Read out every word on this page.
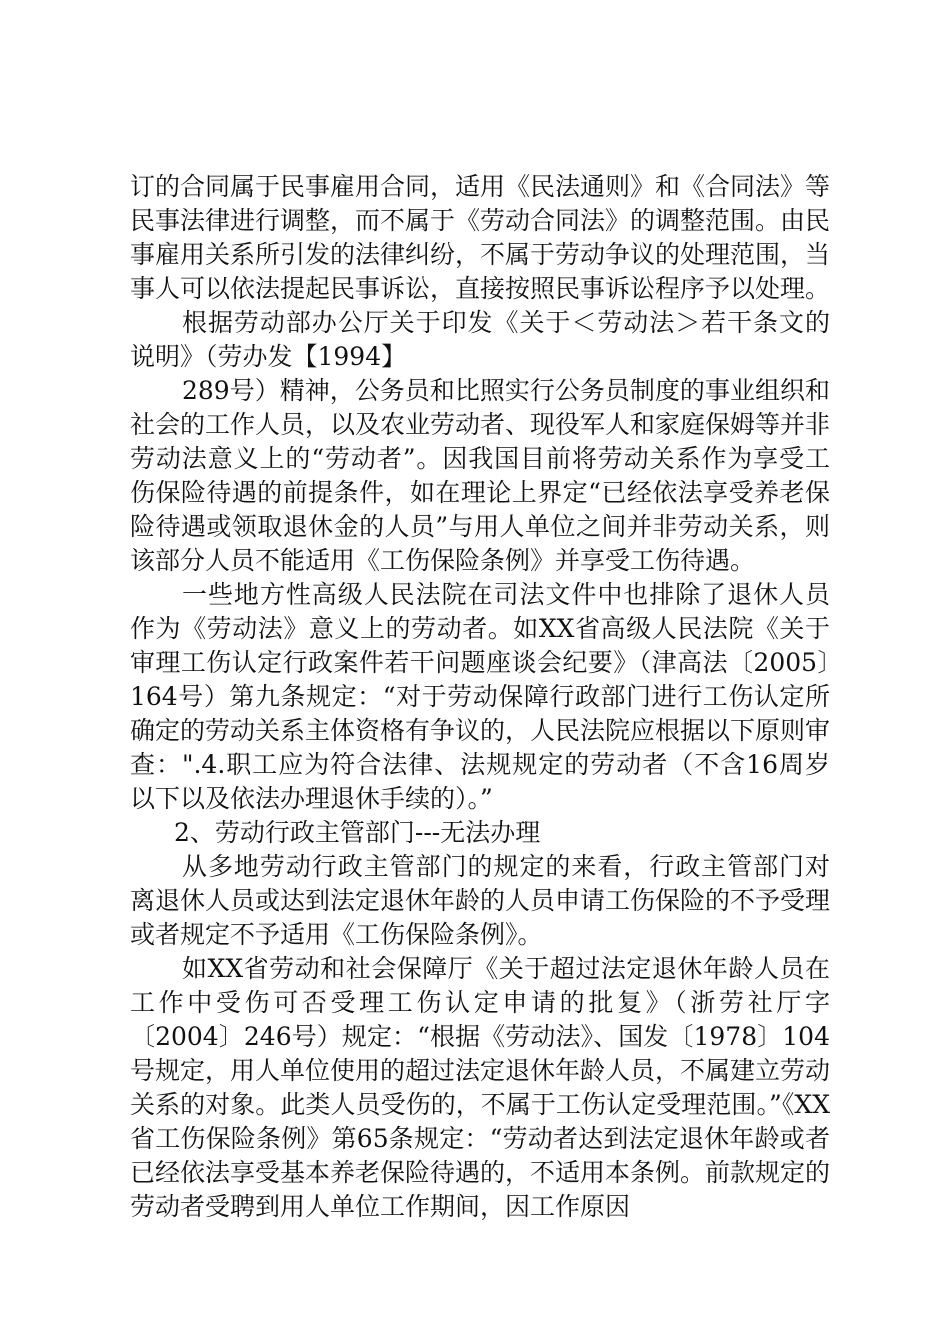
订的合同属于民事雇用合同，适用《民法通则》和《合同法》等民事法律进行调整，而不属于《劳动合同法》的调整范围。由民事雇用关系所引发的法律纠纷，不属于劳动争议的处理范围，当事人可以依法提起民事诉讼，直接按照民事诉讼程序予以处理。

根据劳动部办公厅关于印发《关于＜劳动法＞若干条文的说明》（劳办发【1994】

289号）精神，公务员和比照实行公务员制度的事业组织和社会的工作人员，以及农业劳动者、现役军人和家庭保姆等并非劳动法意义上的“劳动者”。因我国目前将劳动关系作为享受工伤保险待遇的前提条件，如在理论上界定“已经依法享受养老保险待遇或领取退休金的人员”与用人单位之间并非劳动关系，则该部分人员不能适用《工伤保险条例》并享受工伤待遇。

一些地方性高级人民法院在司法文件中也排除了退休人员作为《劳动法》意义上的劳动者。如XX省高级人民法院《关于审理工伤认定行政案件若干问题座谈会纪要》（津高法〔2005〕164号）第九条规定：“对于劳动保障行政部门进行工伤认定所确定的劳动关系主体资格有争议的，人民法院应根据以下原则审查：".4.职工应为符合法律、法规规定的劳动者（不含16周岁以下以及依法办理退休手续的）。”

2、劳动行政主管部门---无法办理

从多地劳动行政主管部门的规定的来看，行政主管部门对离退休人员或达到法定退休年龄的人员申请工伤保险的不予受理或者规定不予适用《工伤保险条例》。

如XX省劳动和社会保障厅《关于超过法定退休年龄人员在工作中受伤可否受理工伤认定申请的批复》（浙劳社厅字〔2004〕246号）规定：“根据《劳动法》、国发〔1978〕104号规定，用人单位使用的超过法定退休年龄人员，不属建立劳动关系的对象。此类人员受伤的，不属于工伤认定受理范围。”《XX省工伤保险条例》第65条规定：“劳动者达到法定退休年龄或者已经依法享受基本养老保险待遇的，不适用本条例。前款规定的劳动者受聘到用人单位工作期间，因工作原因
